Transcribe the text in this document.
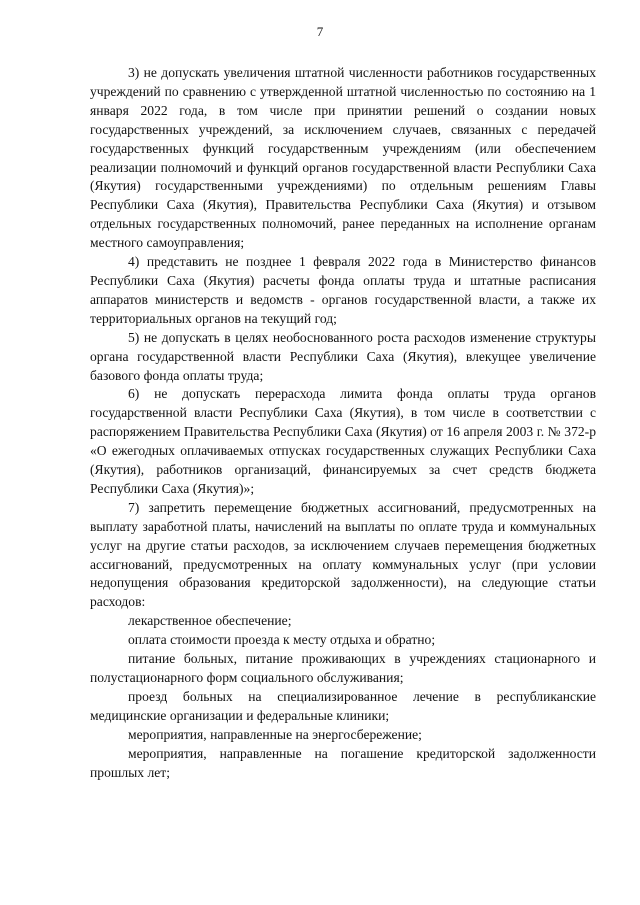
7

3) не допускать увеличения штатной численности работников государственных учреждений по сравнению с утвержденной штатной численностью по состоянию на 1 января 2022 года, в том числе при принятии решений о создании новых государственных учреждений, за исключением случаев, связанных с передачей государственных функций государственным учреждениям (или обеспечением реализации полномочий и функций органов государственной власти Республики Саха (Якутия) государственными учреждениями) по отдельным решениям Главы Республики Саха (Якутия), Правительства Республики Саха (Якутия) и отзывом отдельных государственных полномочий, ранее переданных на исполнение органам местного самоуправления;

4) представить не позднее 1 февраля 2022 года в Министерство финансов Республики Саха (Якутия) расчеты фонда оплаты труда и штатные расписания аппаратов министерств и ведомств - органов государственной власти, а также их территориальных органов на текущий год;

5) не допускать в целях необоснованного роста расходов изменение структуры органа государственной власти Республики Саха (Якутия), влекущее увеличение базового фонда оплаты труда;

6) не допускать перерасхода лимита фонда оплаты труда органов государственной власти Республики Саха (Якутия), в том числе в соответствии с распоряжением Правительства Республики Саха (Якутия) от 16 апреля 2003 г. № 372-р «О ежегодных оплачиваемых отпусках государственных служащих Республики Саха (Якутия), работников организаций, финансируемых за счет средств бюджета Республики Саха (Якутия)»;

7) запретить перемещение бюджетных ассигнований, предусмотренных на выплату заработной платы, начислений на выплаты по оплате труда и коммунальных услуг на другие статьи расходов, за исключением случаев перемещения бюджетных ассигнований, предусмотренных на оплату коммунальных услуг (при условии недопущения образования кредиторской задолженности), на следующие статьи расходов:

лекарственное обеспечение;

оплата стоимости проезда к месту отдыха и обратно;

питание больных, питание проживающих в учреждениях стационарного и полустационарного форм социального обслуживания;

проезд больных на специализированное лечение в республиканские медицинские организации и федеральные клиники;

мероприятия, направленные на энергосбережение;

мероприятия, направленные на погашение кредиторской задолженности прошлых лет;
